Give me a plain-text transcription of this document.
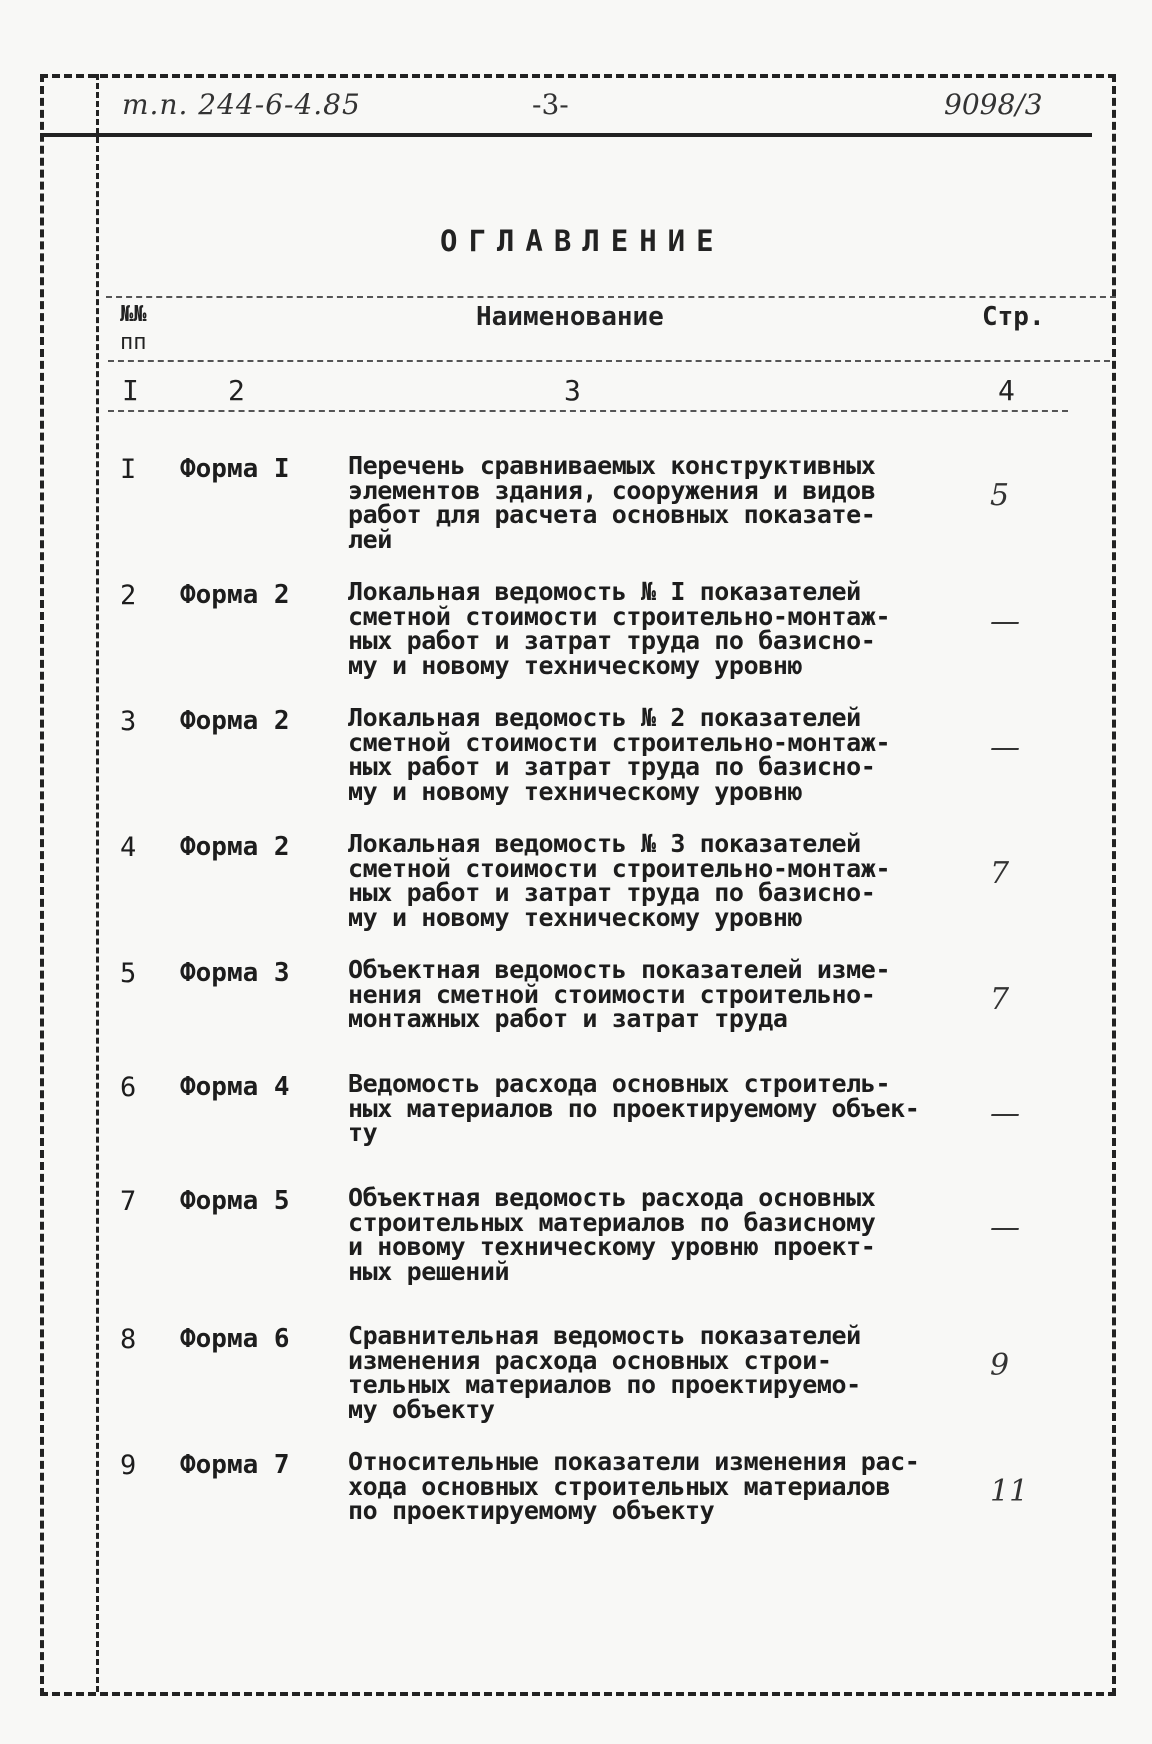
т.п. 244-6-4.85	-3-	9098/3
ОГЛАВЛЕНИЕ
№№
пп
Наименование	Стр.
I	2	3	4
I Форма I Перечень сравниваемых конструктивных
элементов здания, сооружения и видов
работ для расчета основных показате-
лей
5
2 Форма 2 Локальная ведомость № I показателей
сметной стоимости строительно-монтаж-
ных работ и затрат труда по базисно-
му и новому техническому уровню
—
3 Форма 2 Локальная ведомость № 2 показателей
сметной стоимости строительно-монтаж-
ных работ и затрат труда по базисно-
му и новому техническому уровню
—
4 Форма 2 Локальная ведомость № 3 показателей
сметной стоимости строительно-монтаж-
ных работ и затрат труда по базисно-
му и новому техническому уровню
7
5 Форма 3 Объектная ведомость показателей изме-
нения сметной стоимости строительно-
монтажных работ и затрат труда
7
6 Форма 4 Ведомость расхода основных строитель-
ных материалов по проектируемому объек-
ту
—
7 Форма 5 Объектная ведомость расхода основных
строительных материалов по базисному
и новому техническому уровню проект-
ных решений
—
8 Форма 6 Сравнительная ведомость показателей
изменения расхода основных строи-
тельных материалов по проектируемо-
му объекту
9
9 Форма 7 Относительные показатели изменения рас-
хода основных строительных материалов
по проектируемому объекту
11
